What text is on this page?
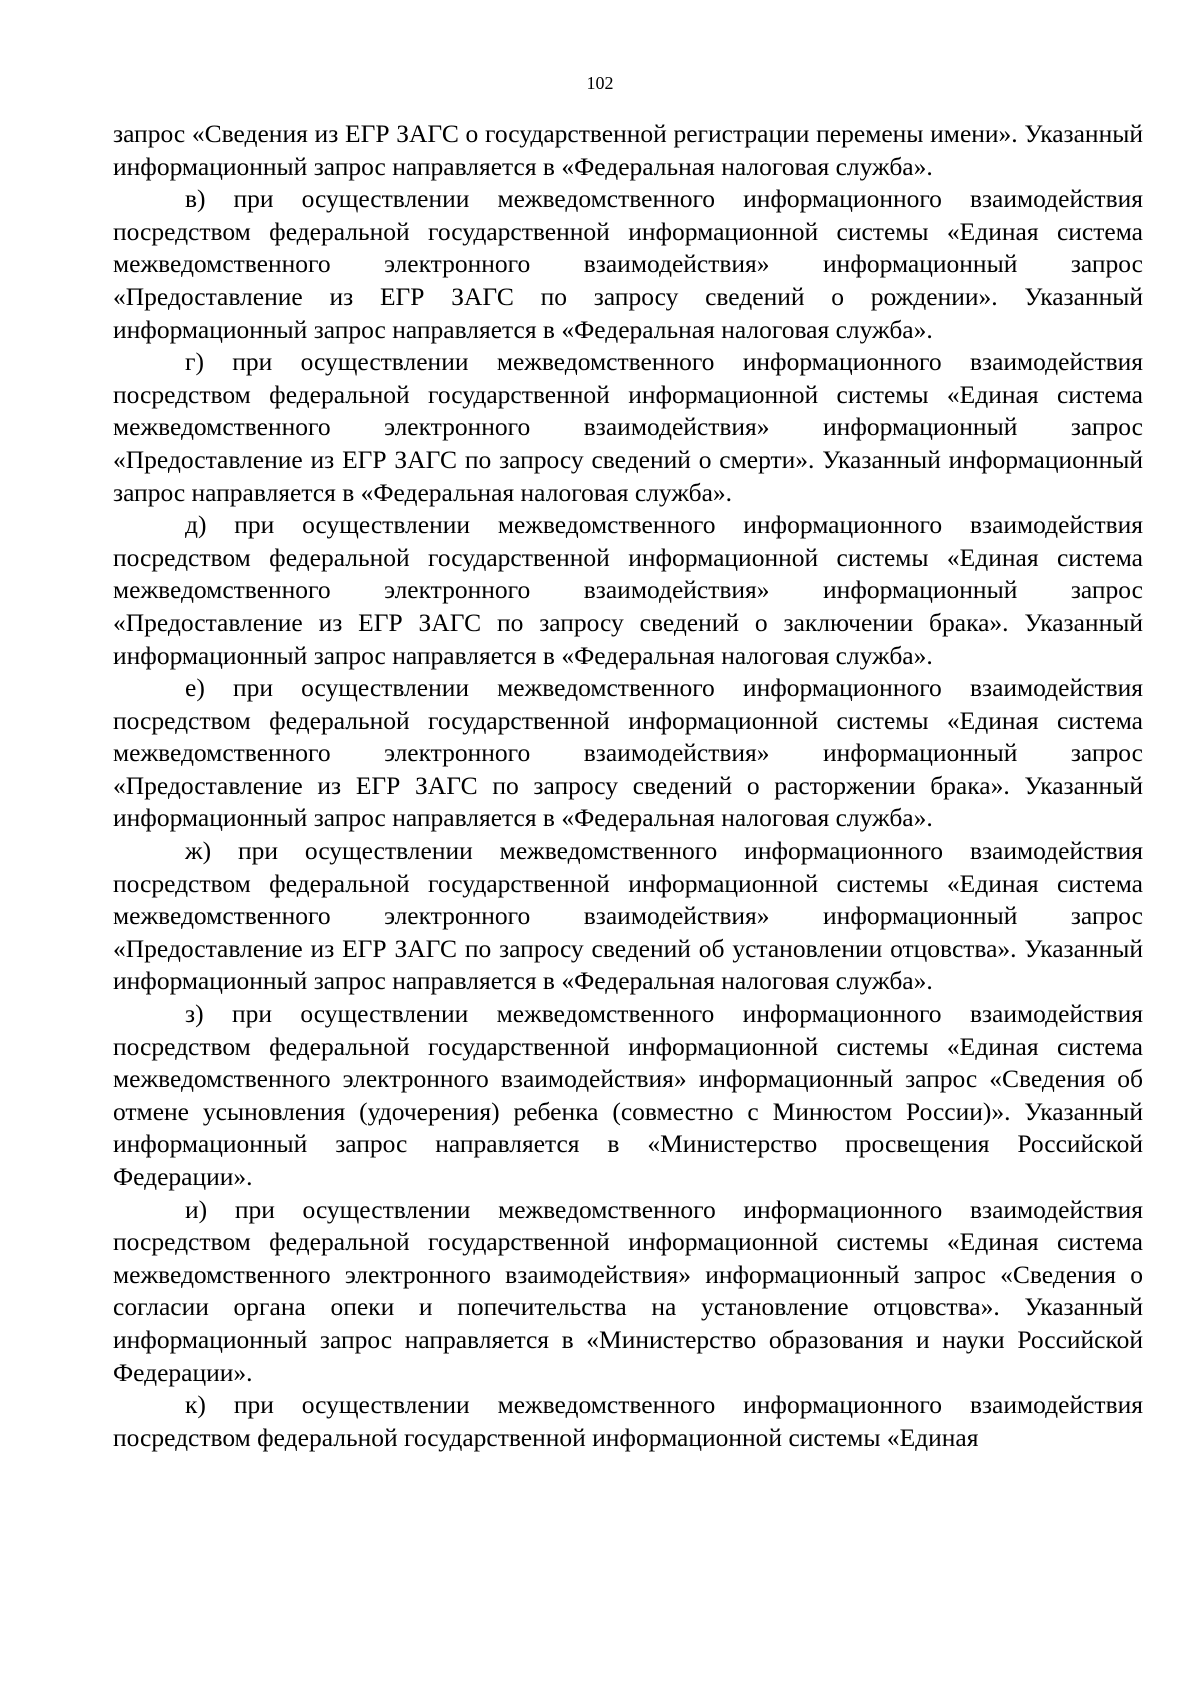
102

запрос «Сведения из ЕГР ЗАГС о государственной регистрации перемены имени». Указанный информационный запрос направляется в «Федеральная налоговая служба».

в) при осуществлении межведомственного информационного взаимодействия посредством федеральной государственной информационной системы «Единая система межведомственного электронного взаимодействия» информационный запрос «Предоставление из ЕГР ЗАГС по запросу сведений о рождении». Указанный информационный запрос направляется в «Федеральная налоговая служба».

г) при осуществлении межведомственного информационного взаимодействия посредством федеральной государственной информационной системы «Единая система межведомственного электронного взаимодействия» информационный запрос «Предоставление из ЕГР ЗАГС по запросу сведений о смерти». Указанный информационный запрос направляется в «Федеральная налоговая служба».

д) при осуществлении межведомственного информационного взаимодействия посредством федеральной государственной информационной системы «Единая система межведомственного электронного взаимодействия» информационный запрос «Предоставление из ЕГР ЗАГС по запросу сведений о заключении брака». Указанный информационный запрос направляется в «Федеральная налоговая служба».

е) при осуществлении межведомственного информационного взаимодействия посредством федеральной государственной информационной системы «Единая система межведомственного электронного взаимодействия» информационный запрос «Предоставление из ЕГР ЗАГС по запросу сведений о расторжении брака». Указанный информационный запрос направляется в «Федеральная налоговая служба».

ж) при осуществлении межведомственного информационного взаимодействия посредством федеральной государственной информационной системы «Единая система межведомственного электронного взаимодействия» информационный запрос «Предоставление из ЕГР ЗАГС по запросу сведений об установлении отцовства». Указанный информационный запрос направляется в «Федеральная налоговая служба».

з) при осуществлении межведомственного информационного взаимодействия посредством федеральной государственной информационной системы «Единая система межведомственного электронного взаимодействия» информационный запрос «Сведения об отмене усыновления (удочерения) ребенка (совместно с Минюстом России)». Указанный информационный запрос направляется в «Министерство просвещения Российской Федерации».

и) при осуществлении межведомственного информационного взаимодействия посредством федеральной государственной информационной системы «Единая система межведомственного электронного взаимодействия» информационный запрос «Сведения о согласии органа опеки и попечительства на установление отцовства». Указанный информационный запрос направляется в «Министерство образования и науки Российской Федерации».

к) при осуществлении межведомственного информационного взаимодействия посредством федеральной государственной информационной системы «Единая
